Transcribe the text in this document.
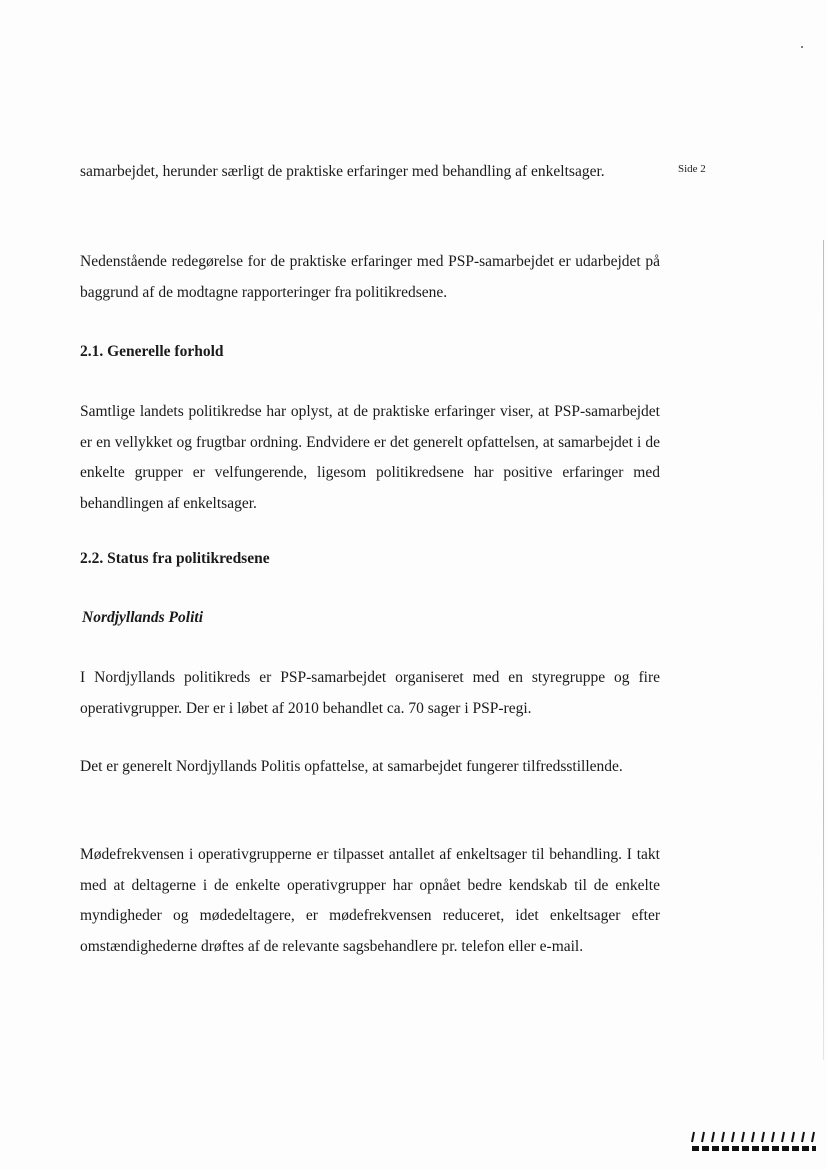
Side 2

samarbejdet, herunder særligt de praktiske erfaringer med behandling af enkeltsager.

Nedenstående redegørelse for de praktiske erfaringer med PSP-samarbejdet er udarbejdet på baggrund af de modtagne rapporteringer fra politikredsene.

2.1. Generelle forhold

Samtlige landets politikredse har oplyst, at de praktiske erfaringer viser, at PSP-samarbejdet er en vellykket og frugtbar ordning. Endvidere er det generelt opfattelsen, at samarbejdet i de enkelte grupper er velfungerende, ligesom politikredsene har positive erfaringer med behandlingen af enkeltsager.

2.2. Status fra politikredsene
Nordjyllands Politi

I Nordjyllands politikreds er PSP-samarbejdet organiseret med en styregruppe og fire operativgrupper. Der er i løbet af 2010 behandlet ca. 70 sager i PSP-regi.

Det er generelt Nordjyllands Politis opfattelse, at samarbejdet fungerer tilfredsstillende.

Mødefrekvensen i operativgrupperne er tilpasset antallet af enkeltsager til behandling. I takt med at deltagerne i de enkelte operativgrupper har opnået bedre kendskab til de enkelte myndigheder og mødedeltagere, er mødefrekvensen reduceret, idet enkeltsager efter omstændighederne drøftes af de relevante sagsbehandlere pr. telefon eller e-mail.
